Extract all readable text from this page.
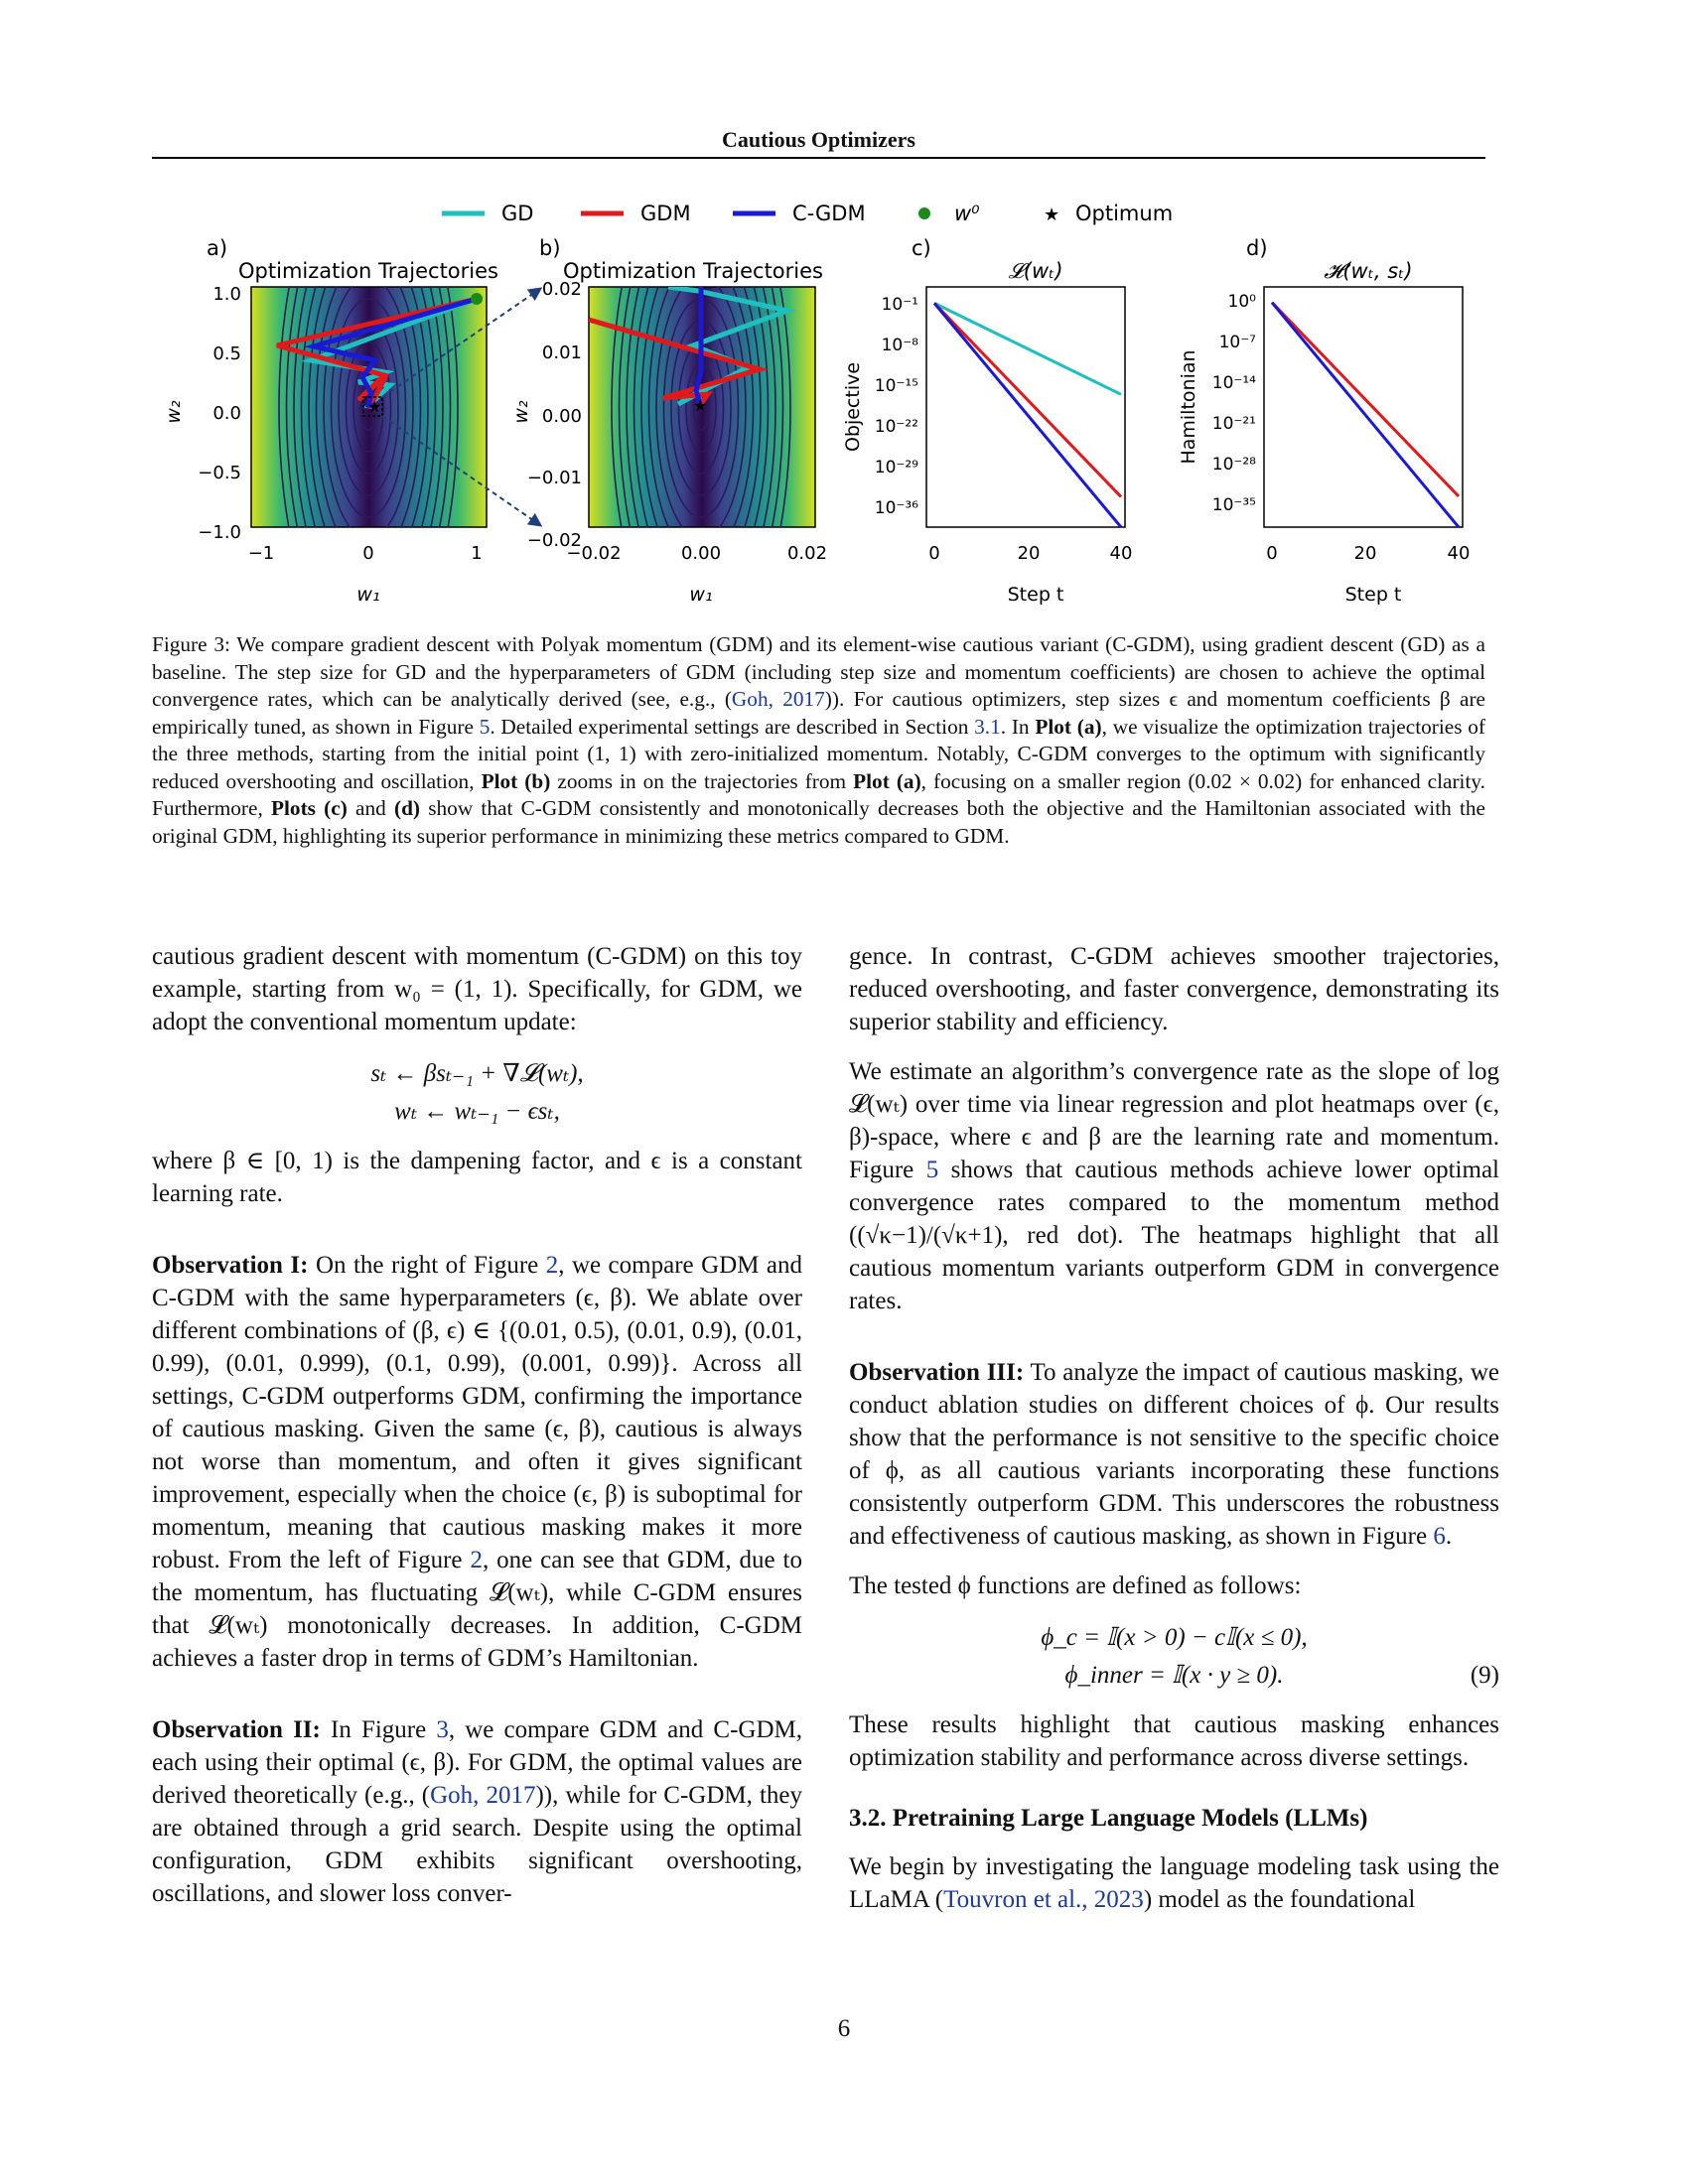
Cautious Optimizers
GD	GDM	C-GDM	w⁰	★ Optimum
a)
Optimization Trajectories
★
w₂
w₁
1.0
0.5
0.0
−0.5
−1.0
−1	0	1
b)
Optimization Trajectories
★
w₂
w₁
0.02
0.01
0.00
−0.01
−0.02
−0.02	0.00	0.02
c)
𝓛(wₜ)
Objective
Step t
10⁻¹
10⁻⁸
10⁻¹⁵
10⁻²²
10⁻²⁹
10⁻³⁶
0	20	40
d)
𝓗(wₜ, sₜ)
Hamiltonian
Step t
10⁰
10⁻⁷
10⁻¹⁴
10⁻²¹
10⁻²⁸
10⁻³⁵
0	20	40
Figure 3: We compare gradient descent with Polyak momentum (GDM) and its element-wise cautious variant (C-GDM), using gradient descent (GD) as a baseline. The step size for GD and the hyperparameters of GDM (including step size and momentum coefficients) are chosen to achieve the optimal convergence rates, which can be analytically derived (see, e.g., (Goh, 2017)). For cautious optimizers, step sizes ϵ and momentum coefficients β are empirically tuned, as shown in Figure 5. Detailed experimental settings are described in Section 3.1. In Plot (a), we visualize the optimization trajectories of the three methods, starting from the initial point (1, 1) with zero-initialized momentum. Notably, C-GDM converges to the optimum with significantly reduced overshooting and oscillation, Plot (b) zooms in on the trajectories from Plot (a), focusing on a smaller region (0.02 × 0.02) for enhanced clarity. Furthermore, Plots (c) and (d) show that C-GDM consistently and monotonically decreases both the objective and the Hamiltonian associated with the original GDM, highlighting its superior performance in minimizing these metrics compared to GDM.

cautious gradient descent with momentum (C-GDM) on this toy example, starting from w₀ = (1, 1). Specifically, for GDM, we adopt the conventional momentum update:

sₜ ← βsₜ₋₁ + ∇𝓛(wₜ),
wₜ ← wₜ₋₁ − ϵsₜ,

where β ∈ [0, 1) is the dampening factor, and ϵ is a constant learning rate.

Observation I: On the right of Figure 2, we compare GDM and C-GDM with the same hyperparameters (ϵ, β). We ablate over different combinations of (β, ϵ) ∈ {(0.01, 0.5), (0.01, 0.9), (0.01, 0.99), (0.01, 0.999), (0.1, 0.99), (0.001, 0.99)}. Across all settings, C-GDM outperforms GDM, confirming the importance of cautious masking. Given the same (ϵ, β), cautious is always not worse than momentum, and often it gives significant improvement, especially when the choice (ϵ, β) is suboptimal for momentum, meaning that cautious masking makes it more robust. From the left of Figure 2, one can see that GDM, due to the momentum, has fluctuating 𝓛(wₜ), while C-GDM ensures that 𝓛(wₜ) monotonically decreases. In addition, C-GDM achieves a faster drop in terms of GDM’s Hamiltonian.

Observation II: In Figure 3, we compare GDM and C-GDM, each using their optimal (ϵ, β). For GDM, the optimal values are derived theoretically (e.g., (Goh, 2017)), while for C-GDM, they are obtained through a grid search. Despite using the optimal configuration, GDM exhibits significant overshooting, oscillations, and slower loss conver-

gence. In contrast, C-GDM achieves smoother trajectories, reduced overshooting, and faster convergence, demonstrating its superior stability and efficiency.

We estimate an algorithm’s convergence rate as the slope of log 𝓛(wₜ) over time via linear regression and plot heatmaps over (ϵ, β)-space, where ϵ and β are the learning rate and momentum. Figure 5 shows that cautious methods achieve lower optimal convergence rates compared to the momentum method ((√κ−1)/(√κ+1), red dot). The heatmaps highlight that all cautious momentum variants outperform GDM in convergence rates.

Observation III: To analyze the impact of cautious masking, we conduct ablation studies on different choices of ϕ. Our results show that the performance is not sensitive to the specific choice of ϕ, as all cautious variants incorporating these functions consistently outperform GDM. This underscores the robustness and effectiveness of cautious masking, as shown in Figure 6.

The tested ϕ functions are defined as follows:

ϕ_c = 𝕀(x > 0) − c𝕀(x ≤ 0),
ϕ_inner = 𝕀(x · y ≥ 0).	(9)

These results highlight that cautious masking enhances optimization stability and performance across diverse settings.

3.2. Pretraining Large Language Models (LLMs)

We begin by investigating the language modeling task using the LLaMA (Touvron et al., 2023) model as the foundational

6
